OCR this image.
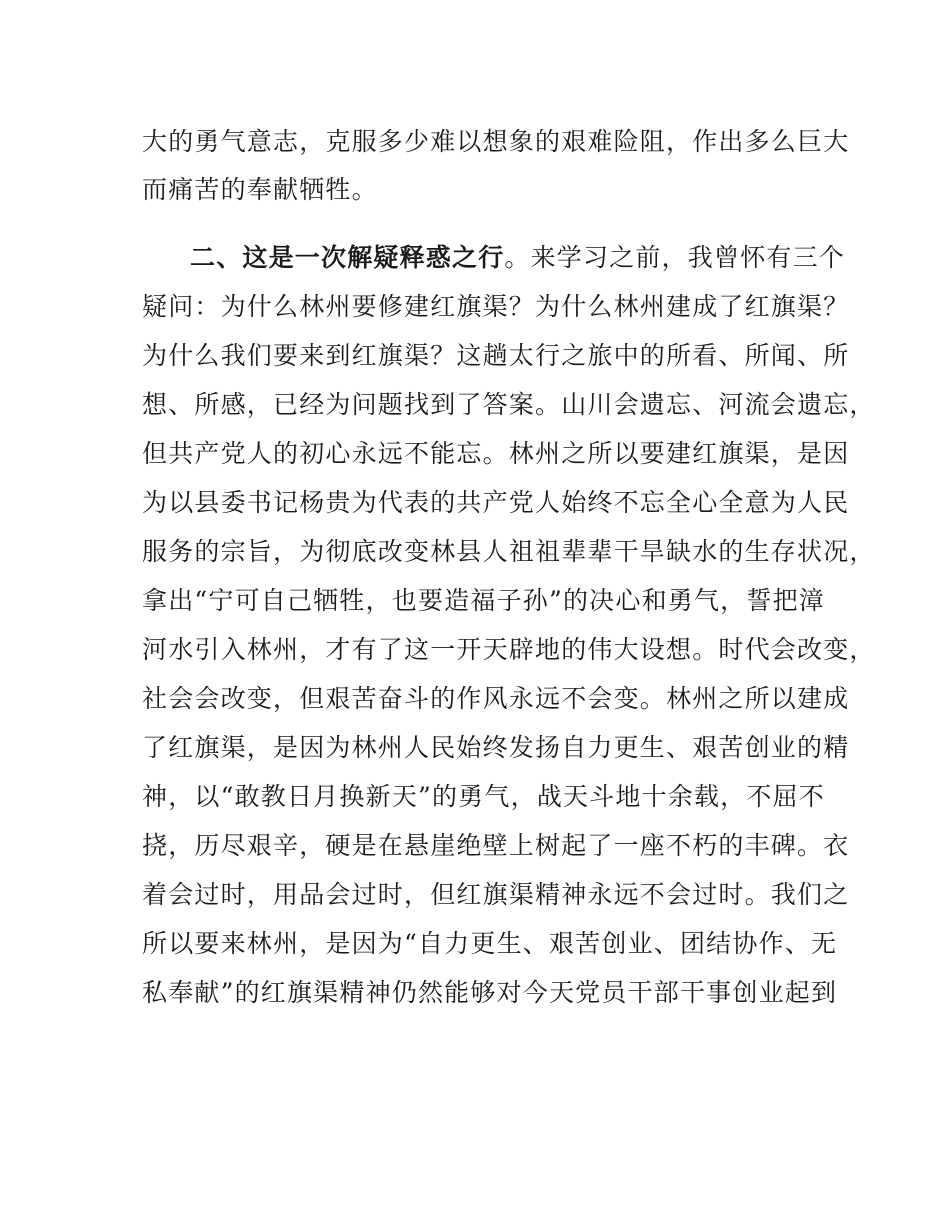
大的勇气意志，克服多少难以想象的艰难险阻，作出多么巨大
而痛苦的奉献牺牲。
二、这是一次解疑释惑之行。来学习之前，我曾怀有三个
疑问：为什么林州要修建红旗渠？为什么林州建成了红旗渠？
为什么我们要来到红旗渠？这趟太行之旅中的所看、所闻、所
想、所感，已经为问题找到了答案。山川会遗忘、河流会遗忘，
但共产党人的初心永远不能忘。林州之所以要建红旗渠，是因
为以县委书记杨贵为代表的共产党人始终不忘全心全意为人民
服务的宗旨，为彻底改变林县人祖祖辈辈干旱缺水的生存状况，
拿出“宁可自己牺牲，也要造福子孙”的决心和勇气，誓把漳
河水引入林州，才有了这一开天辟地的伟大设想。时代会改变，
社会会改变，但艰苦奋斗的作风永远不会变。林州之所以建成
了红旗渠，是因为林州人民始终发扬自力更生、艰苦创业的精
神，以“敢教日月换新天”的勇气，战天斗地十余载，不屈不
挠，历尽艰辛，硬是在悬崖绝壁上树起了一座不朽的丰碑。衣
着会过时，用品会过时，但红旗渠精神永远不会过时。我们之
所以要来林州，是因为“自力更生、艰苦创业、团结协作、无
私奉献”的红旗渠精神仍然能够对今天党员干部干事创业起到
